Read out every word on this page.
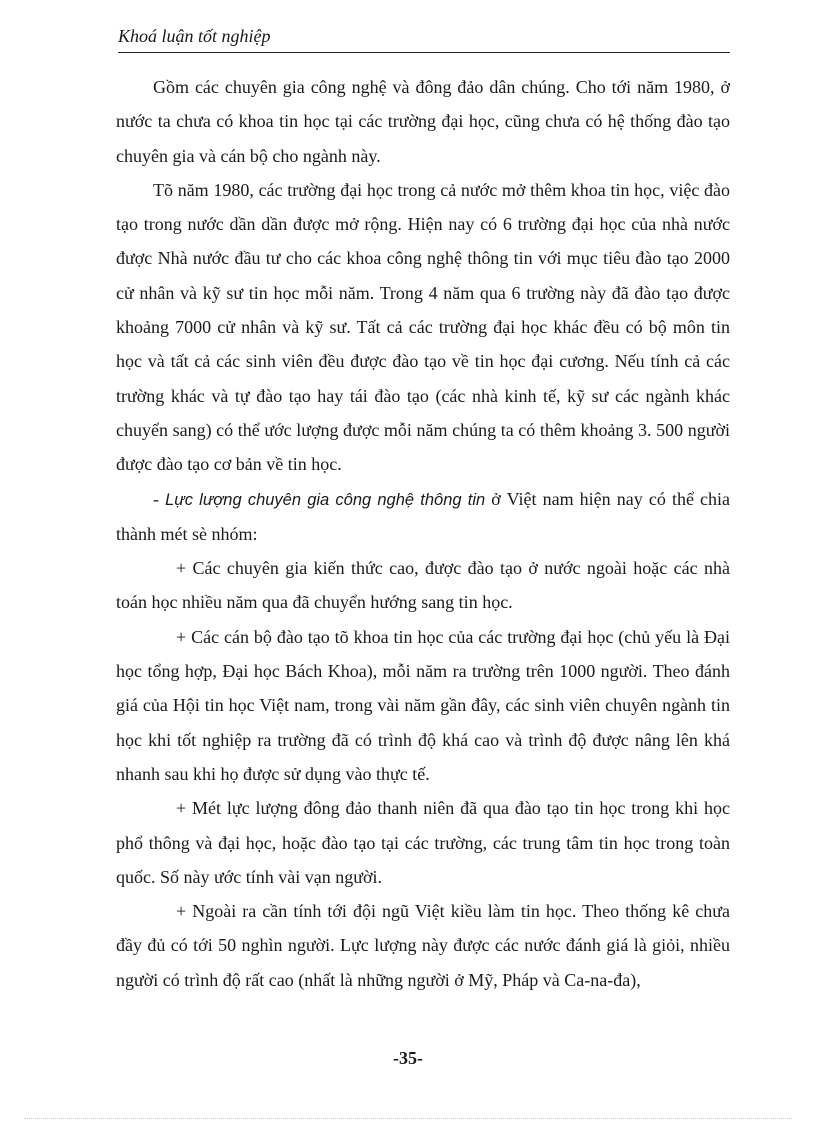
Khoá luận tốt nghiệp

Gồm các chuyên gia công nghệ và đông đảo dân chúng. Cho tới năm 1980, ở nước ta chưa có khoa tin học tại các trường đại học, cũng chưa có hệ thống đào tạo chuyên gia và cán bộ cho ngành này.

Tõ năm 1980, các trường đại học trong cả nước mở thêm khoa tin học, việc đào tạo trong nước dần dần được mở rộng. Hiện nay có 6 trường đại học của nhà nước được Nhà nước đầu tư cho các khoa công nghệ thông tin với mục tiêu đào tạo 2000 cử nhân và kỹ sư tin học mỗi năm. Trong 4 năm qua 6 trường này đã đào tạo được khoảng 7000 cử nhân và kỹ sư. Tất cả các trường đại học khác đều có bộ môn tin học và tất cả các sinh viên đều được đào tạo về tin học đại cương. Nếu tính cả các trường khác và tự đào tạo hay tái đào tạo (các nhà kinh tế, kỹ sư các ngành khác chuyển sang) có thể ước lượng được mỗi năm chúng ta có thêm khoảng 3. 500 người được đào tạo cơ bản về tin học.

- Lực lượng chuyên gia công nghệ thông tin ở Việt nam hiện nay có thể chia thành mét sè nhóm:

+ Các chuyên gia kiến thức cao, được đào tạo ở nước ngoài hoặc các nhà toán học nhiều năm qua đã chuyển hướng sang tin học.

+ Các cán bộ đào tạo tõ khoa tin học của các trường đại học (chủ yếu là Đại học tổng hợp, Đại học Bách Khoa), mỗi năm ra trường trên 1000 người. Theo đánh giá của Hội tin học Việt nam, trong vài năm gần đây, các sinh viên chuyên ngành tin học khi tốt nghiệp ra trường đã có trình độ khá cao và trình độ được nâng lên khá nhanh sau khi họ được sử dụng vào thực tế.

+ Mét lực lượng đông đảo thanh niên đã qua đào tạo tin học trong khi học phổ thông và đại học, hoặc đào tạo tại các trường, các trung tâm tin học trong toàn quốc. Số này ước tính vài vạn người.

+ Ngoài ra cần tính tới đội ngũ Việt kiều làm tin học. Theo thống kê chưa đầy đủ có tới 50 nghìn người. Lực lượng này được các nước đánh giá là giỏi, nhiều người có trình độ rất cao (nhất là những người ở Mỹ, Pháp và Ca-na-đa),

-35-
